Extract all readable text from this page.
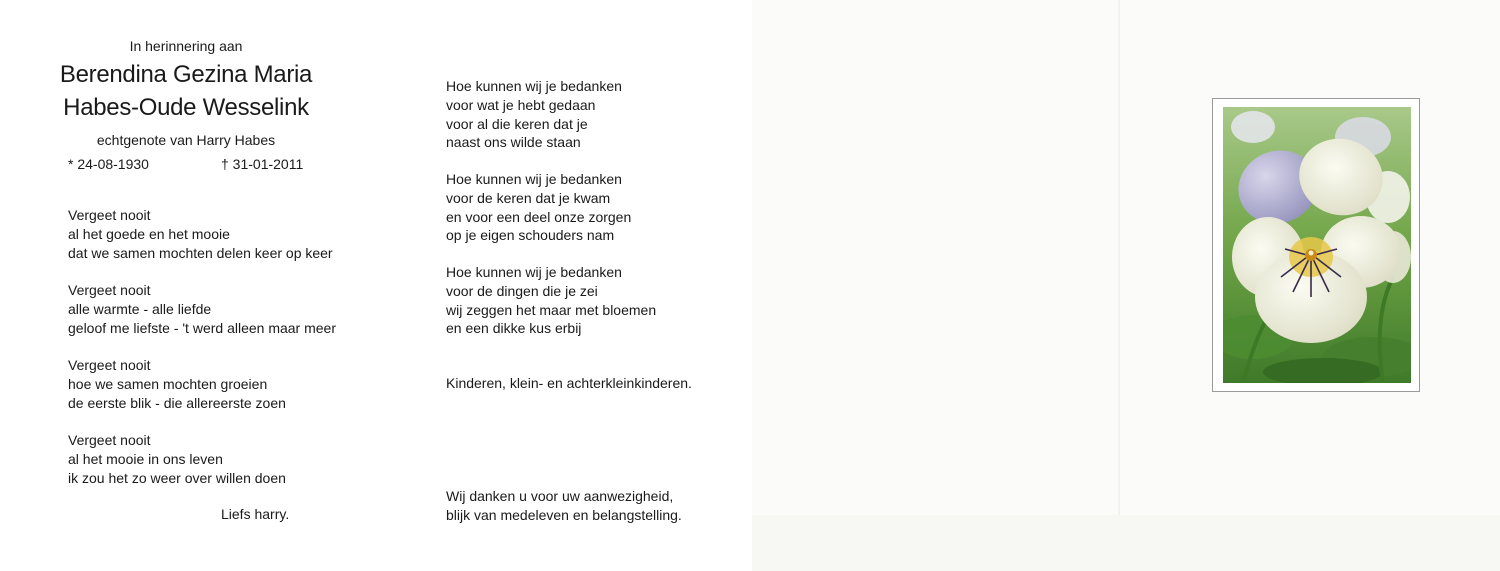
In herinnering aan
Berendina Gezina Maria
Habes-Oude Wesselink
echtgenote van Harry Habes
* 24-08-1930	† 31-01-2011
Vergeet nooit
al het goede en het mooie
dat we samen mochten delen keer op keer
Vergeet nooit
alle warmte - alle liefde
geloof me liefste - 't werd alleen maar meer
Vergeet nooit
hoe we samen mochten groeien
de eerste blik - die allereerste zoen
Vergeet nooit
al het mooie in ons leven
ik zou het zo weer over willen doen
Liefs harry.
Hoe kunnen wij je bedanken
voor wat je hebt gedaan
voor al die keren dat je
naast ons wilde staan
Hoe kunnen wij je bedanken
voor de keren dat je kwam
en voor een deel onze zorgen
op je eigen schouders nam
Hoe kunnen wij je bedanken
voor de dingen die je zei
wij zeggen het maar met bloemen
en een dikke kus erbij
Kinderen, klein- en achterkleinkinderen.
Wij danken u voor uw aanwezigheid,
blijk van medeleven en belangstelling.
